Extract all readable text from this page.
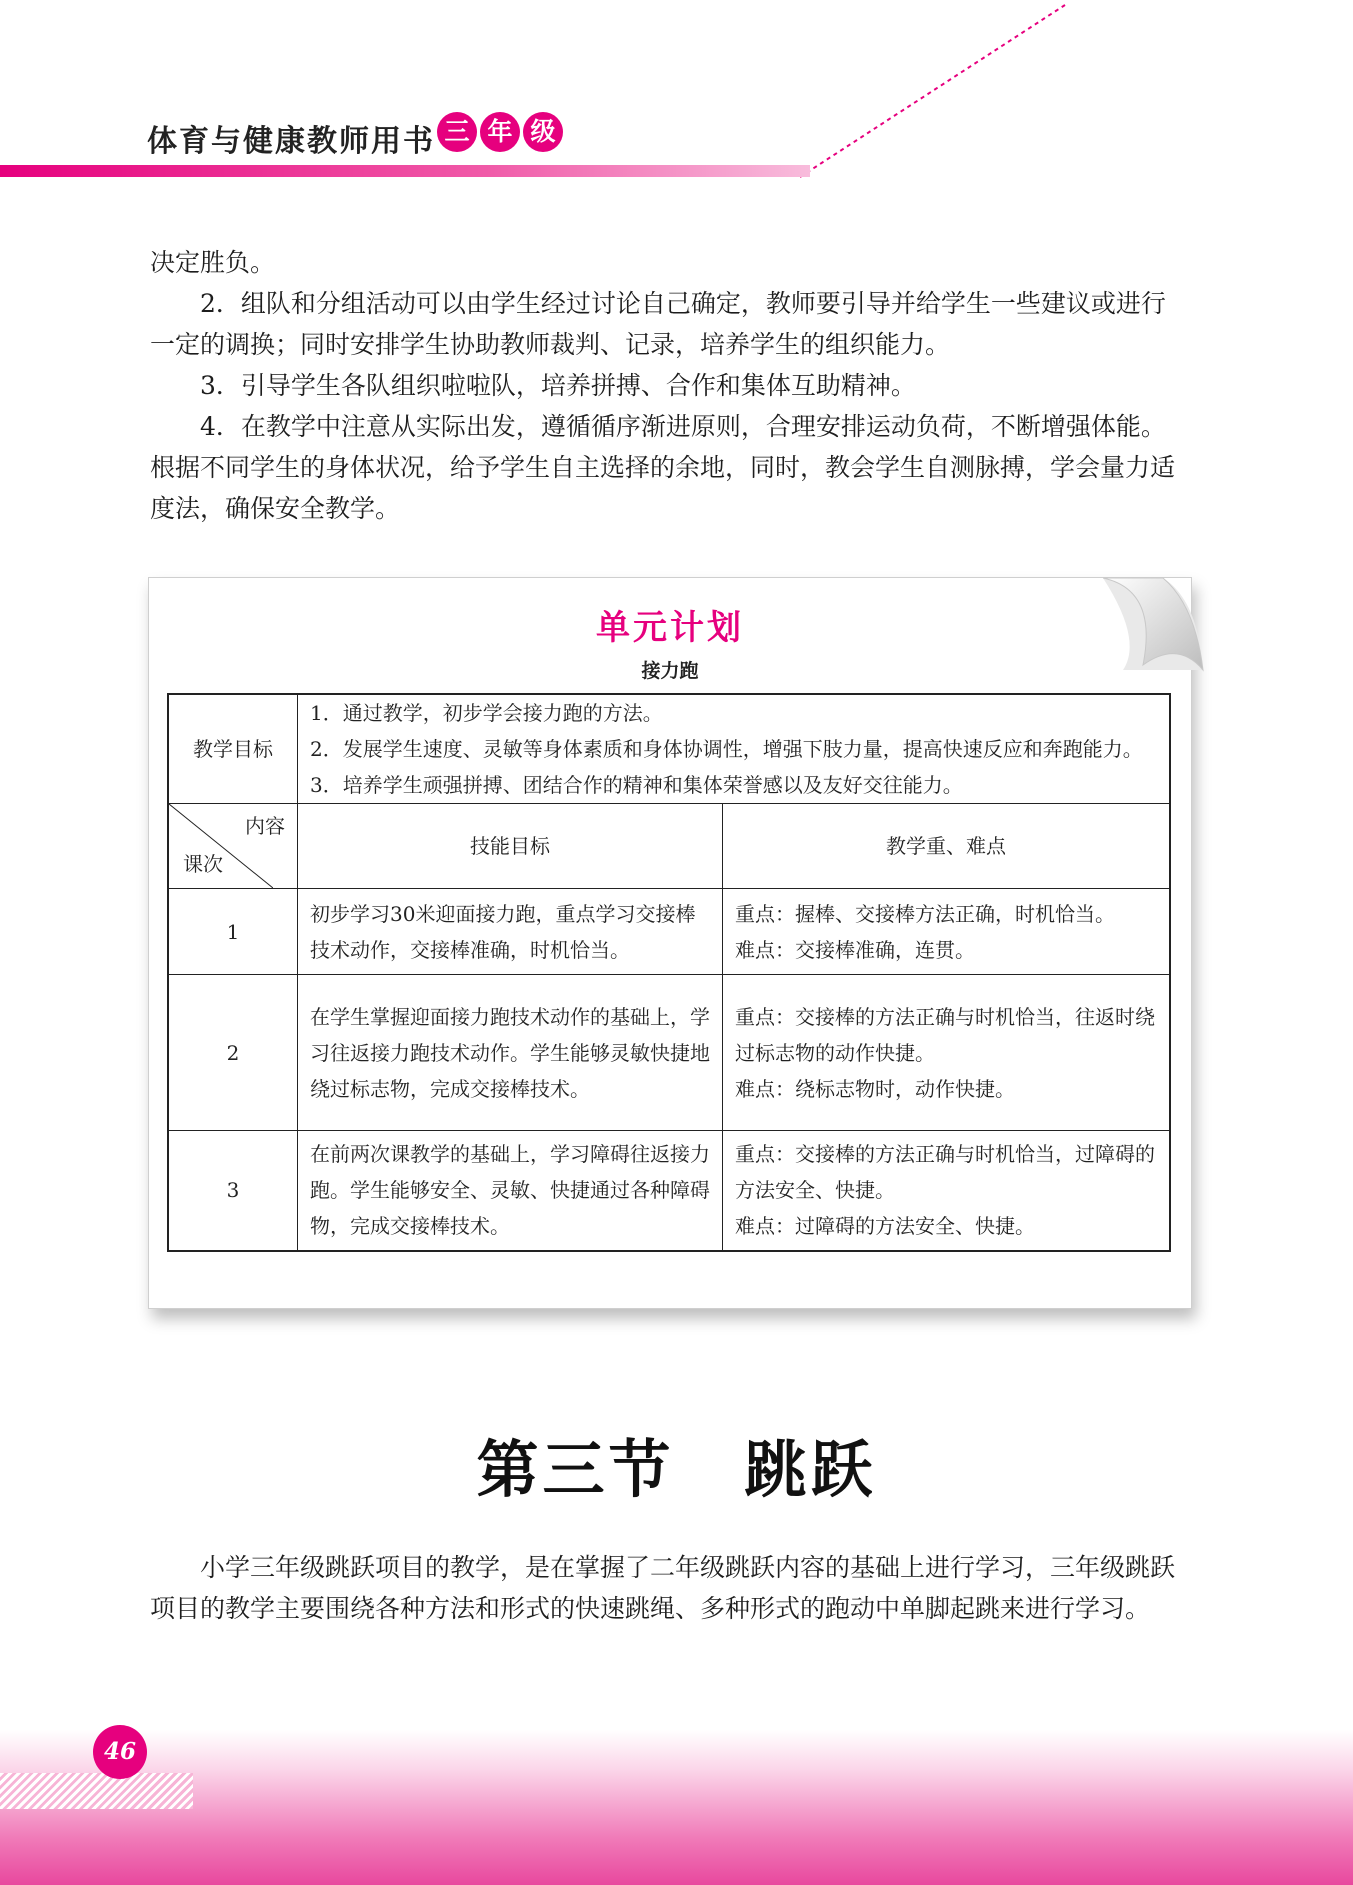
体育与健康教师用书 三 年 级

决定胜负。

2．组队和分组活动可以由学生经过讨论自己确定，教师要引导并给学生一些建议或进行一定的调换；同时安排学生协助教师裁判、记录，培养学生的组织能力。

3．引导学生各队组织啦啦队，培养拼搏、合作和集体互助精神。

4．在教学中注意从实际出发，遵循循序渐进原则，合理安排运动负荷，不断增强体能。根据不同学生的身体状况，给予学生自主选择的余地，同时，教会学生自测脉搏，学会量力适度法，确保安全教学。

单元计划
接力跑
教学目标	1．通过教学，初步学会接力跑的方法。
2．发展学生速度、灵敏等身体素质和身体协调性，增强下肢力量，提高快速反应和奔跑能力。
3．培养学生顽强拼搏、团结合作的精神和集体荣誉感以及友好交往能力。	

内容
课次	技能目标	教学重、难点
1	初步学习30米迎面接力跑，重点学习交接棒技术动作，交接棒准确，时机恰当。	重点：握棒、交接棒方法正确，时机恰当。
难点：交接棒准确，连贯。

2	在学生掌握迎面接力跑技术动作的基础上，学习往返接力跑技术动作。学生能够灵敏快捷地绕过标志物，完成交接棒技术。	重点：交接棒的方法正确与时机恰当，往返时绕过标志物的动作快捷。
难点：绕标志物时，动作快捷。

3	在前两次课教学的基础上，学习障碍往返接力跑。学生能够安全、灵敏、快捷通过各种障碍物，完成交接棒技术。	重点：交接棒的方法正确与时机恰当，过障碍的方法安全、快捷。
难点：过障碍的方法安全、快捷。
第三节 跳跃

小学三年级跳跃项目的教学，是在掌握了二年级跳跃内容的基础上进行学习，三年级跳跃项目的教学主要围绕各种方法和形式的快速跳绳、多种形式的跑动中单脚起跳来进行学习。

46
